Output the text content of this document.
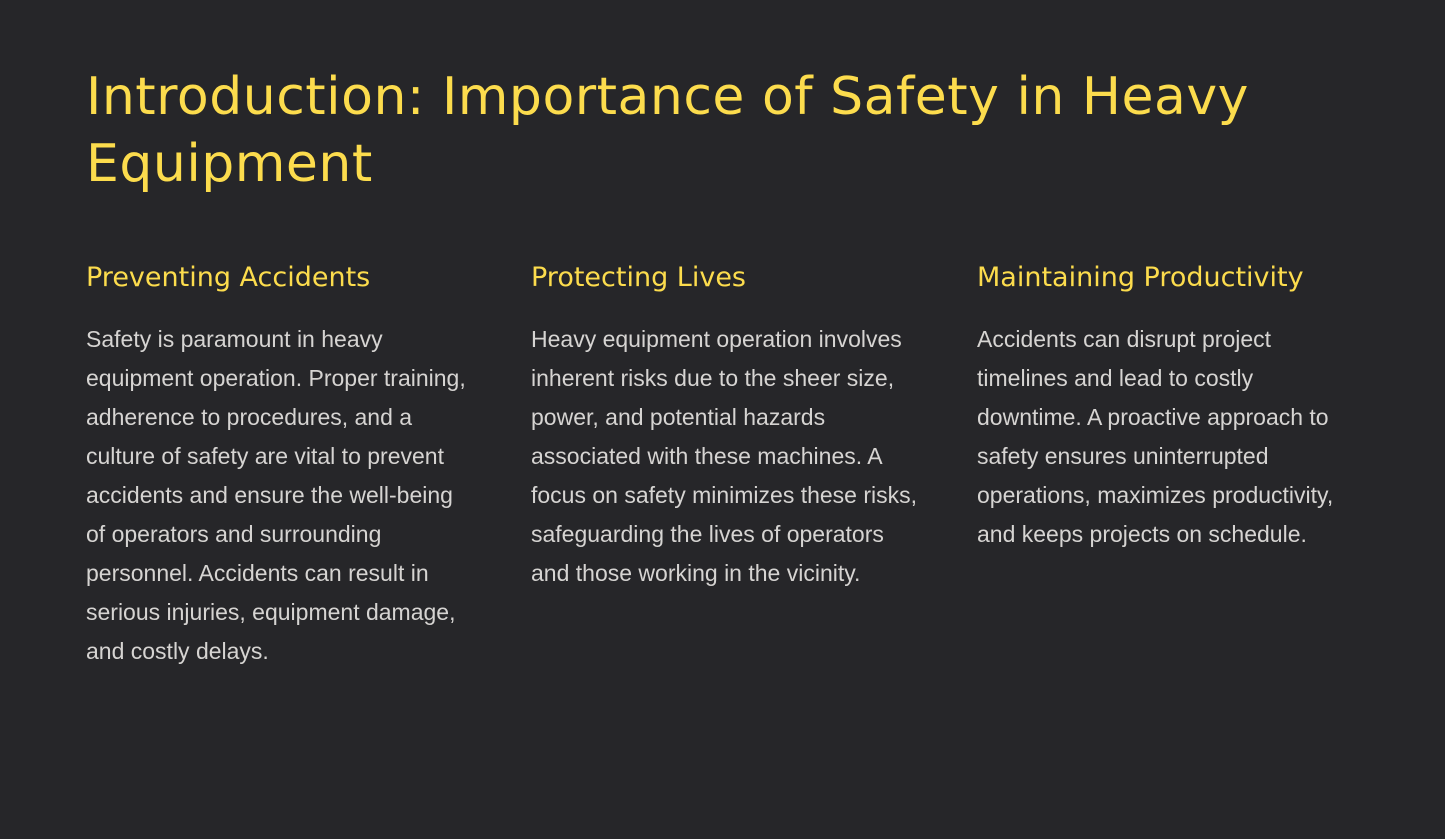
Introduction: Importance of Safety in Heavy Equipment
Preventing Accidents

Safety is paramount in heavy equipment operation. Proper training, adherence to procedures, and a culture of safety are vital to prevent accidents and ensure the well-being of operators and surrounding personnel. Accidents can result in serious injuries, equipment damage, and costly delays.

Protecting Lives

Heavy equipment operation involves inherent risks due to the sheer size, power, and potential hazards associated with these machines. A focus on safety minimizes these risks, safeguarding the lives of operators and those working in the vicinity.

Maintaining Productivity

Accidents can disrupt project timelines and lead to costly downtime. A proactive approach to safety ensures uninterrupted operations, maximizes productivity, and keeps projects on schedule.
